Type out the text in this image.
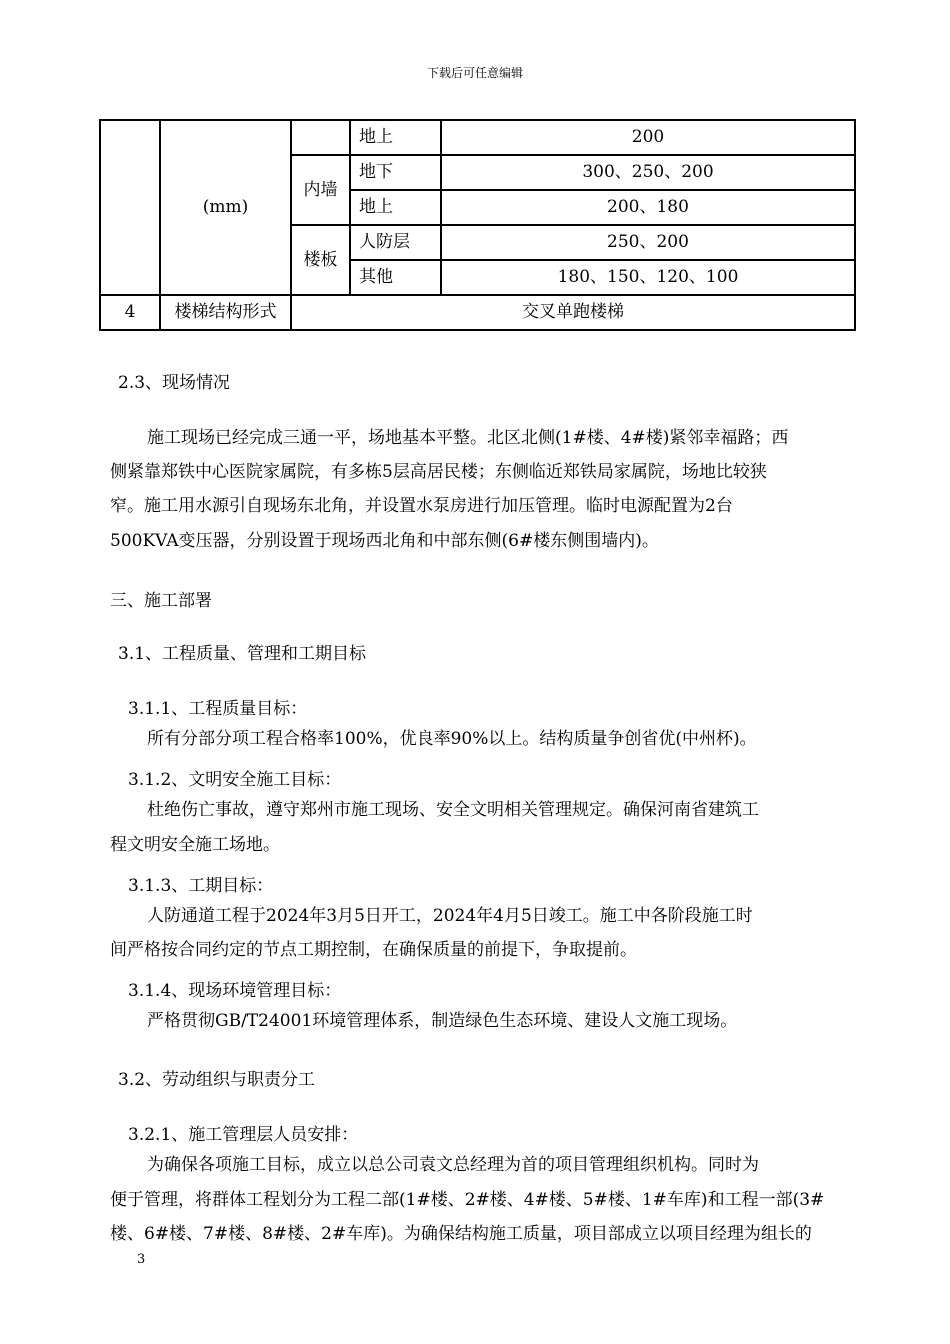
下载后可任意编辑
	(mm)		地上	200
		内墙	地下	300、250、200
			地上	200、180
		楼板	人防层	250、200
			其他	180、150、120、100
4	楼梯结构形式	交叉单跑楼梯		
2.3、现场情况
施工现场已经完成三通一平，场地基本平整。北区北侧(1#楼、4#楼)紧邻幸福路；西
侧紧靠郑铁中心医院家属院，有多栋5层高居民楼；东侧临近郑铁局家属院，场地比较狭
窄。施工用水源引自现场东北角，并设置水泵房进行加压管理。临时电源配置为2台
500KVA变压器，分别设置于现场西北角和中部东侧(6#楼东侧围墙内)。
三、施工部署
3.1、工程质量、管理和工期目标
3.1.1、工程质量目标：
所有分部分项工程合格率100%，优良率90%以上。结构质量争创省优(中州杯)。
3.1.2、文明安全施工目标：
杜绝伤亡事故，遵守郑州市施工现场、安全文明相关管理规定。确保河南省建筑工
程文明安全施工场地。
3.1.3、工期目标：
人防通道工程于2024年3月5日开工，2024年4月5日竣工。施工中各阶段施工时
间严格按合同约定的节点工期控制，在确保质量的前提下，争取提前。
3.1.4、现场环境管理目标：
严格贯彻GB/T24001环境管理体系，制造绿色生态环境、建设人文施工现场。
3.2、劳动组织与职责分工
3.2.1、施工管理层人员安排：
为确保各项施工目标，成立以总公司袁文总经理为首的项目管理组织机构。同时为
便于管理，将群体工程划分为工程二部(1#楼、2#楼、4#楼、5#楼、1#车库)和工程一部(3#
楼、6#楼、7#楼、8#楼、2#车库)。为确保结构施工质量，项目部成立以项目经理为组长的
3
